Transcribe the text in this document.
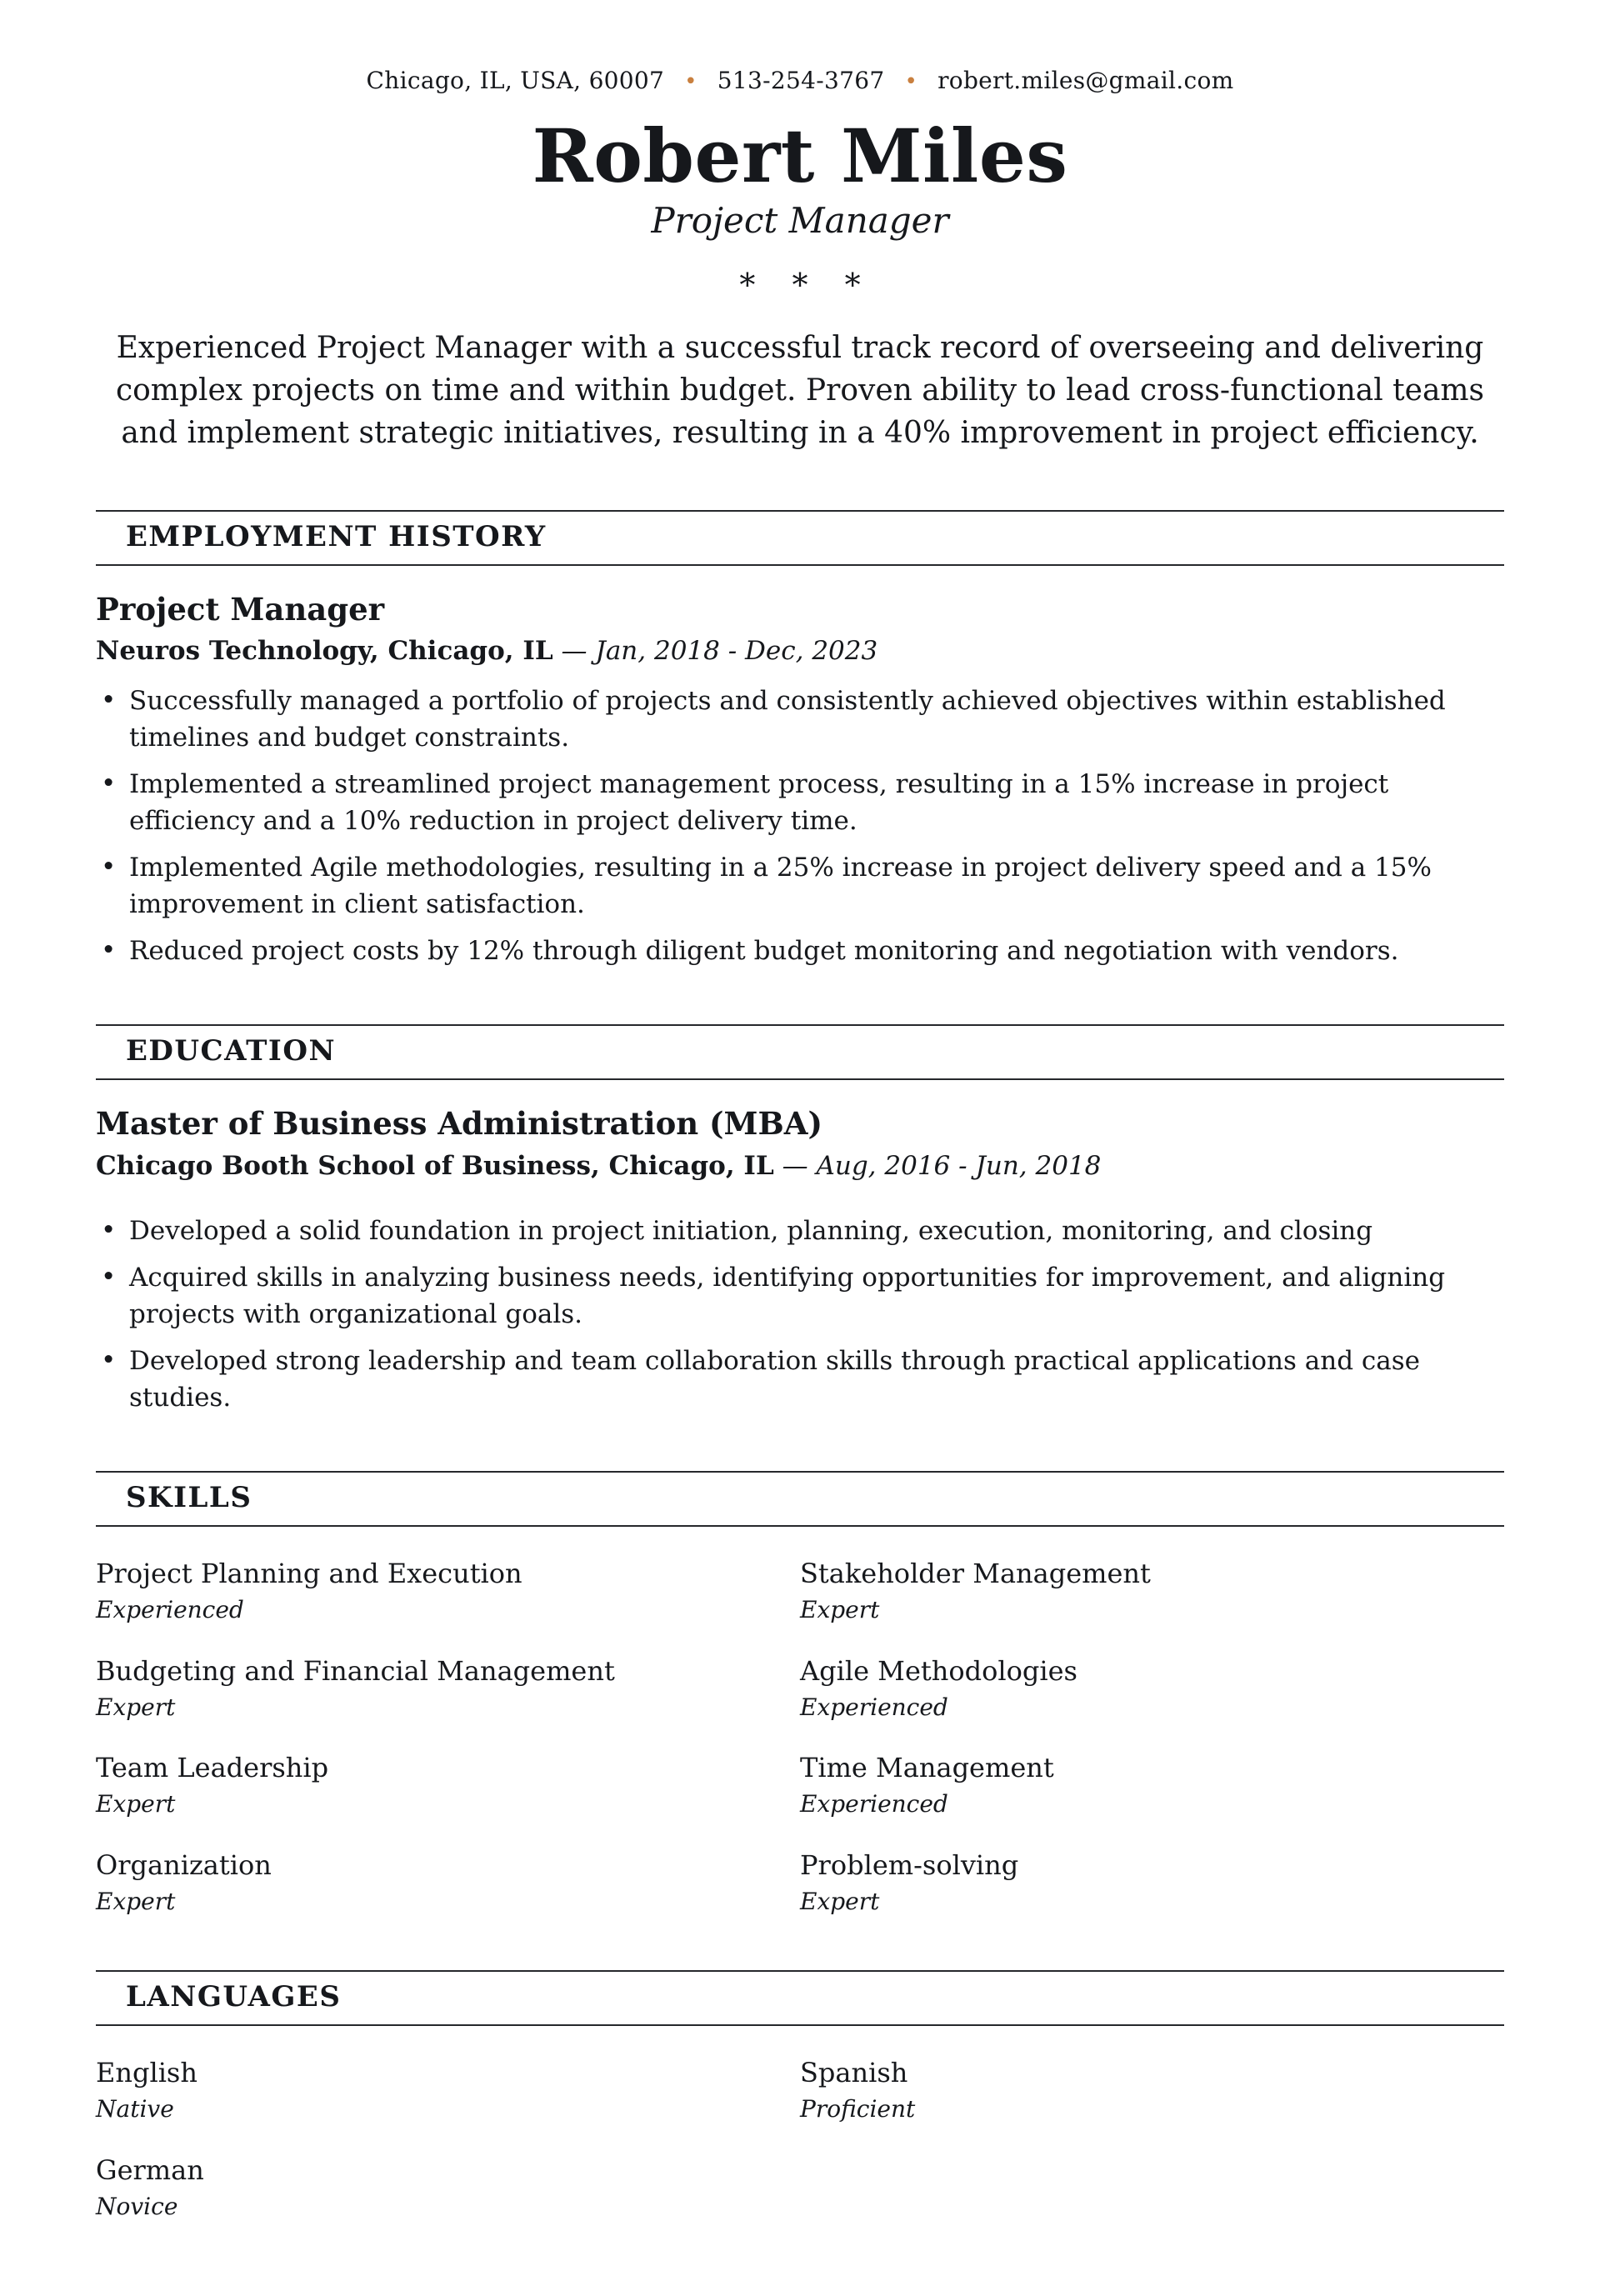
Chicago, IL, USA, 60007 • 513-254-3767 • robert.miles@gmail.com
Robert Miles
Project Manager
* * *

Experienced Project Manager with a successful track record of overseeing and delivering complex projects on time and within budget. Proven ability to lead cross-functional teams and implement strategic initiatives, resulting in a 40% improvement in project efficiency.

EMPLOYMENT HISTORY
Project Manager
Neuros Technology, Chicago, IL — Jan, 2018 - Dec, 2023
• Successfully managed a portfolio of projects and consistently achieved objectives within established timelines and budget constraints.
• Implemented a streamlined project management process, resulting in a 15% increase in project efficiency and a 10% reduction in project delivery time.
• Implemented Agile methodologies, resulting in a 25% increase in project delivery speed and a 15% improvement in client satisfaction.
• Reduced project costs by 12% through diligent budget monitoring and negotiation with vendors.
EDUCATION
Master of Business Administration (MBA)
Chicago Booth School of Business, Chicago, IL — Aug, 2016 - Jun, 2018
• Developed a solid foundation in project initiation, planning, execution, monitoring, and closing
• Acquired skills in analyzing business needs, identifying opportunities for improvement, and aligning projects with organizational goals.
• Developed strong leadership and team collaboration skills through practical applications and case studies.
SKILLS
Project Planning and Execution
Experienced
Stakeholder Management
Expert
Budgeting and Financial Management
Expert
Agile Methodologies
Experienced
Team Leadership
Expert
Time Management
Experienced
Organization
Expert
Problem-solving
Expert
LANGUAGES
English
Native
Spanish
Proficient
German
Novice
